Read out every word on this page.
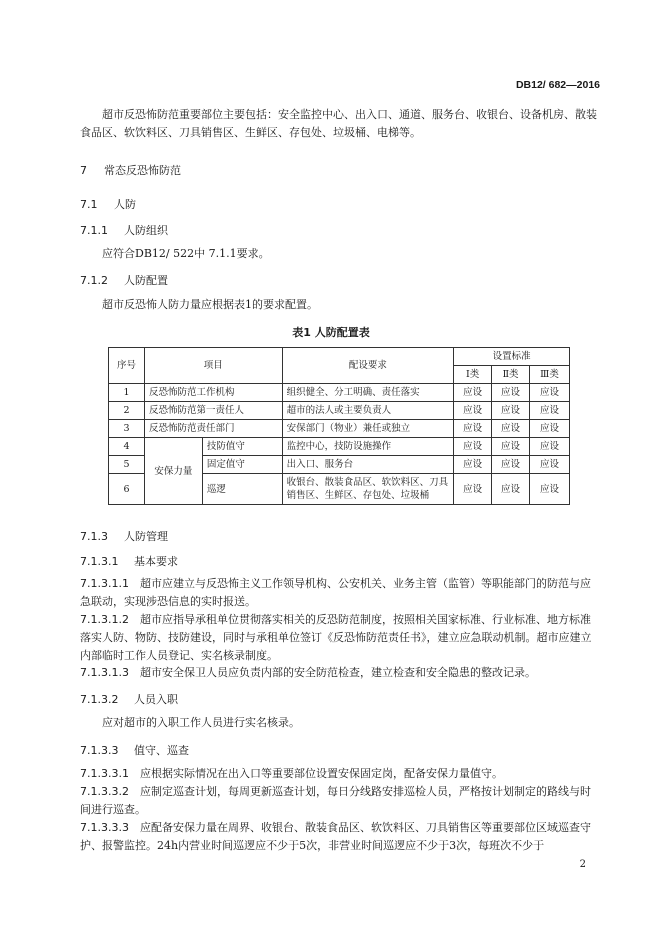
DB12/ 682—2016
超市反恐怖防范重要部位主要包括：安全监控中心、出入口、通道、服务台、收银台、设备机房、散装食品区、软饮料区、刀具销售区、生鲜区、存包处、垃圾桶、电梯等。
7 常态反恐怖防范
7.1 人防
7.1.1 人防组织
应符合DB12/ 522中 7.1.1要求。
7.1.2 人防配置
超市反恐怖人防力量应根据表1的要求配置。
表1 人防配置表
序号	项目		配设要求	设置标准		
				Ⅰ类	Ⅱ类	Ⅲ类
1	反恐怖防范工作机构		组织健全、分工明确、责任落实	应设	应设	应设
2	反恐怖防范第一责任人		超市的法人或主要负责人	应设	应设	应设
3	反恐怖防范责任部门		安保部门（物业）兼任或独立	应设	应设	应设
4	安保力量	技防值守	监控中心，技防设施操作	应设	应设	应设
5		固定值守	出入口、服务台	应设	应设	应设
6		巡逻	收银台、散装食品区、软饮料区、刀具销售区、生鲜区、存包处、垃圾桶	应设	应设	应设
7.1.3 人防管理
7.1.3.1 基本要求
7.1.3.1.1　 超市应建立与反恐怖主义工作领导机构、公安机关、业务主管（监管）等职能部门的防范与应急联动，实现涉恐信息的实时报送。
7.1.3.1.2　 超市应指导承租单位贯彻落实相关的反恐防范制度，按照相关国家标准、行业标准、地方标准落实人防、物防、技防建设，同时与承租单位签订《反恐怖防范责任书》，建立应急联动机制。超市应建立内部临时工作人员登记、实名核录制度。
7.1.3.1.3　 超市安全保卫人员应负责内部的安全防范检查，建立检查和安全隐患的整改记录。
7.1.3.2 人员入职
应对超市的入职工作人员进行实名核录。
7.1.3.3 值守、巡查
7.1.3.3.1　 应根据实际情况在出入口等重要部位设置安保固定岗，配备安保力量值守。
7.1.3.3.2　 应制定巡查计划，每周更新巡查计划，每日分线路安排巡检人员，严格按计划制定的路线与时间进行巡查。
7.1.3.3.3　 应配备安保力量在周界、收银台、散装食品区、软饮料区、刀具销售区等重要部位区域巡查守护、报警监控。24h内营业时间巡逻应不少于5次，非营业时间巡逻应不少于3次，每班次不少于
2
